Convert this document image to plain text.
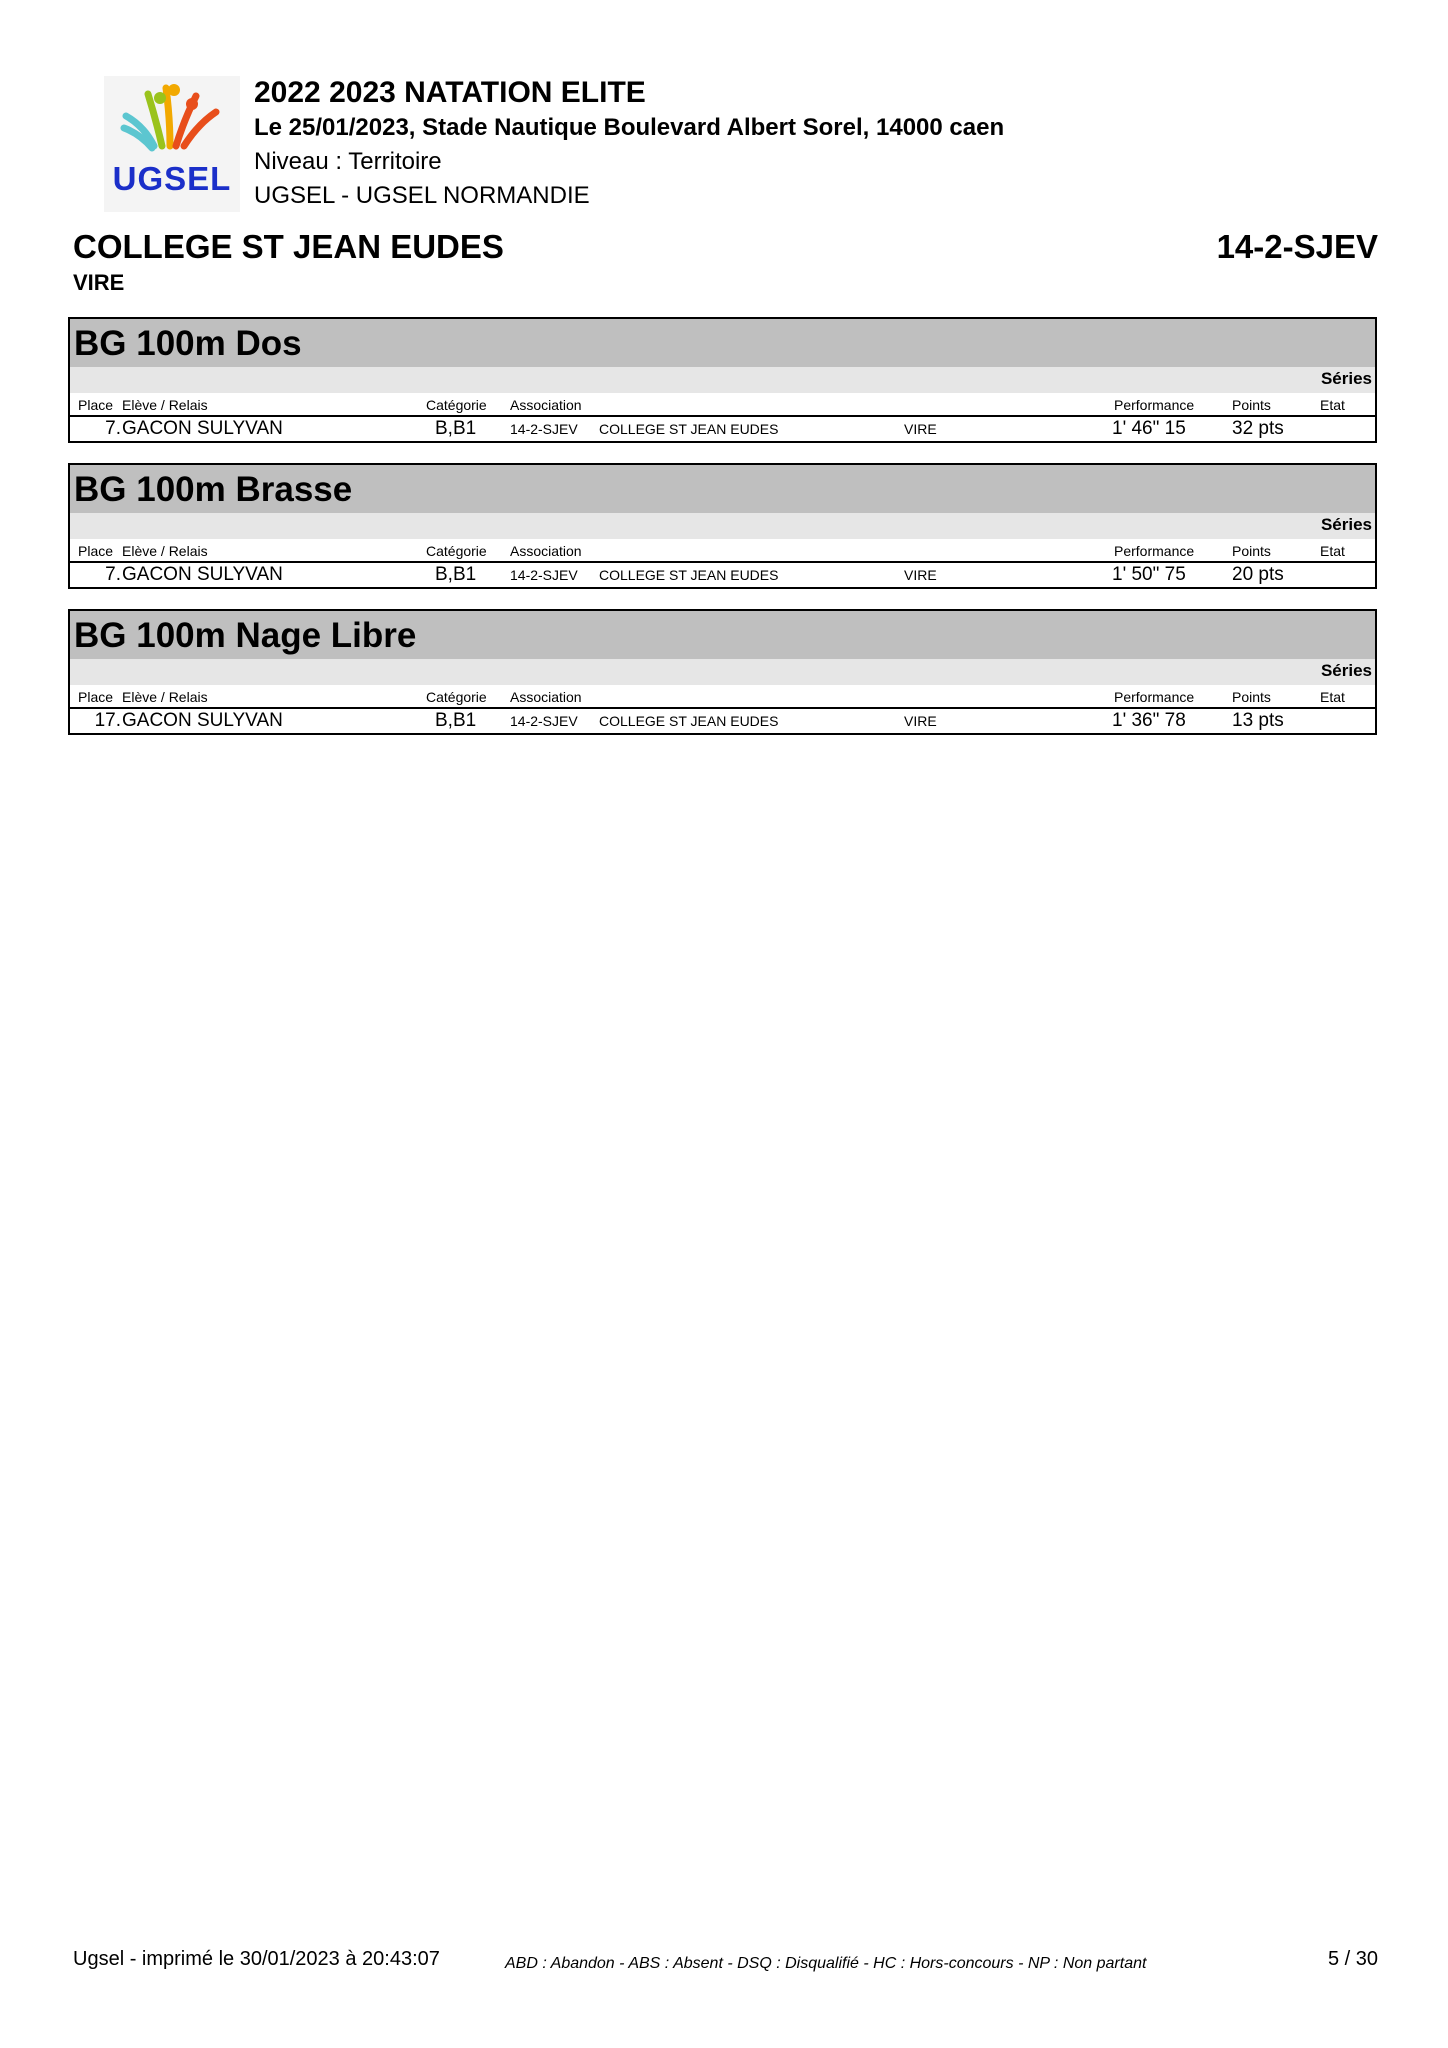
UGSEL
2022 2023 NATATION ELITE
Le 25/01/2023, Stade Nautique Boulevard Albert Sorel, 14000 caen
Niveau : Territoire
UGSEL - UGSEL NORMANDIE
COLLEGE ST JEAN EUDES	14-2-SJEV
VIRE
BG 100m Dos
Séries
Place Elève / Relais	Catégorie Association	Performance	Points	Etat
7. GACON SULYVAN	B,B1 14-2-SJEV COLLEGE ST JEAN EUDES	VIRE	1' 46" 15 32 pts
BG 100m Brasse
Séries
Place Elève / Relais	Catégorie Association	Performance	Points	Etat
7. GACON SULYVAN	B,B1 14-2-SJEV COLLEGE ST JEAN EUDES	VIRE	1' 50" 75 20 pts
BG 100m Nage Libre
Séries
Place Elève / Relais	Catégorie Association	Performance	Points	Etat
17. GACON SULYVAN	B,B1 14-2-SJEV COLLEGE ST JEAN EUDES	VIRE	1' 36" 78 13 pts
Ugsel - imprimé le 30/01/2023 à 20:43:07	ABD : Abandon - ABS : Absent - DSQ : Disqualifié - HC : Hors-concours - NP : Non partant	5 / 30
